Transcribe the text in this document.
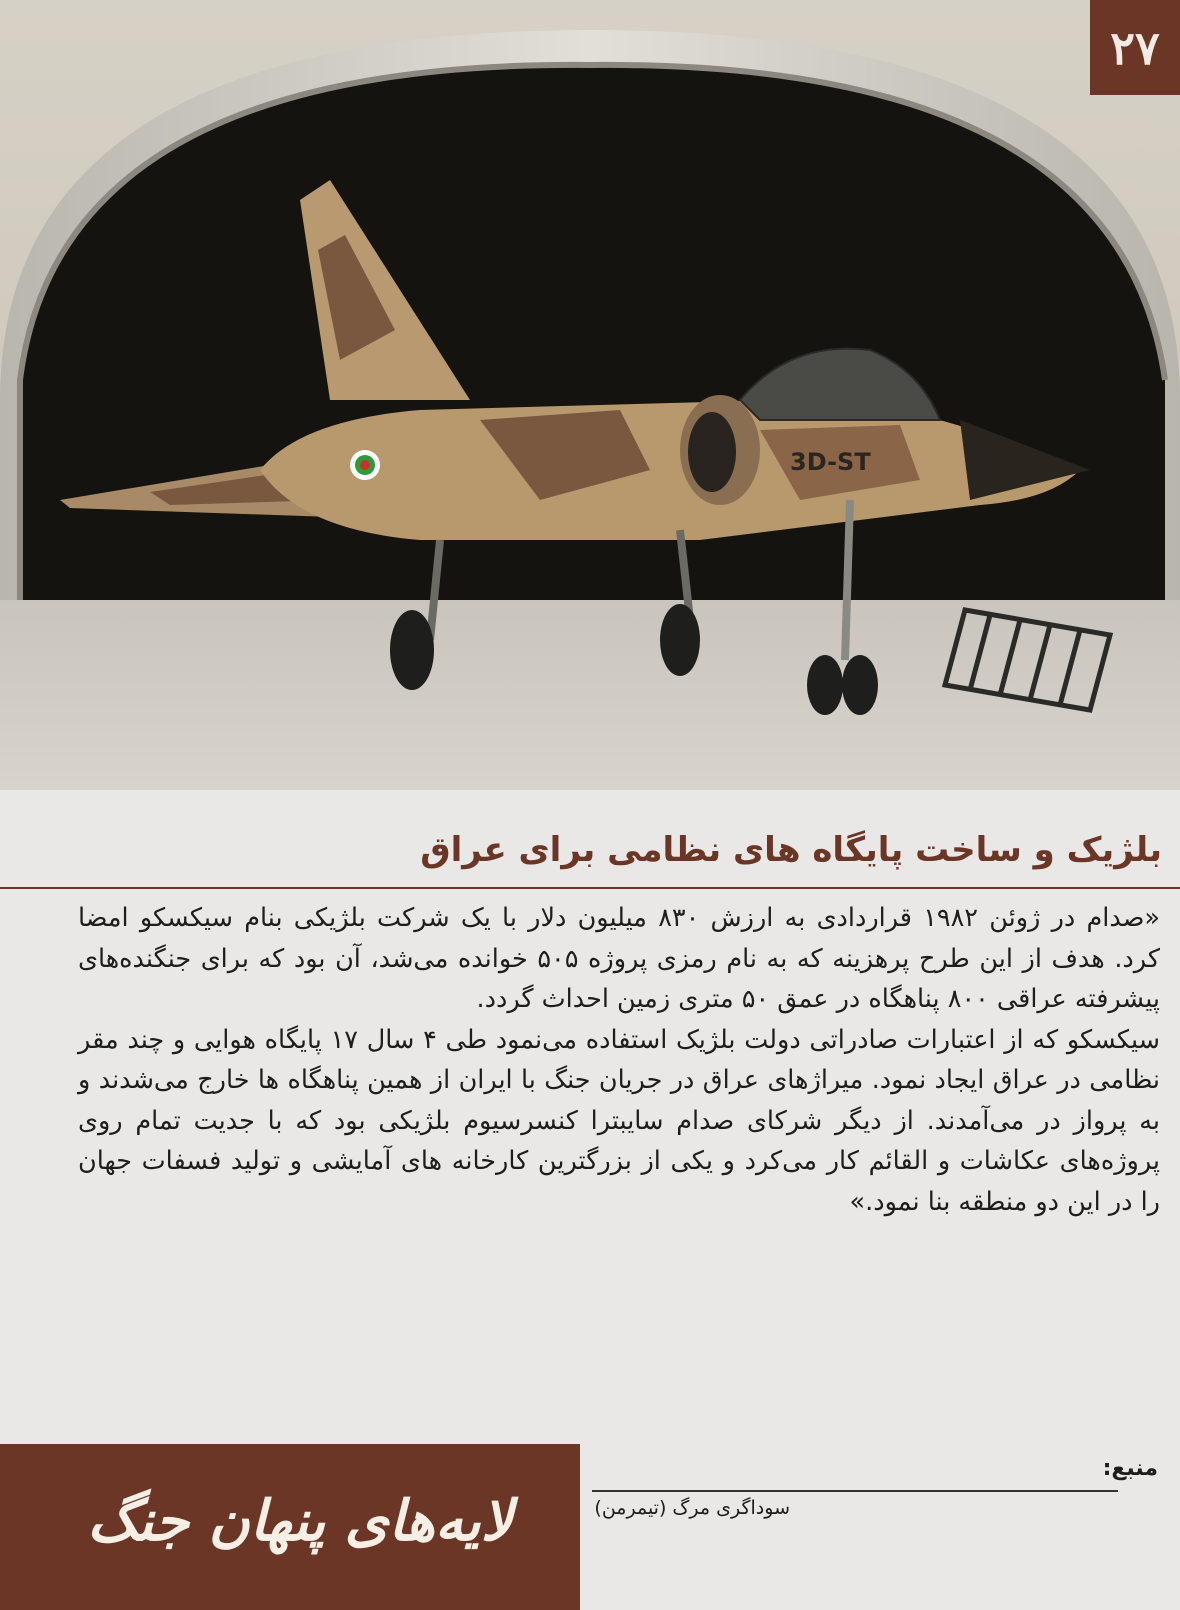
3D-ST
۲۷
بلژیک و ساخت پایگاه های نظامی برای عراق

«صدام در ژوئن ۱۹۸۲ قراردادی به ارزش ۸۳۰ میلیون دلار با یک شرکت بلژیکی بنام سیکسکو امضا کرد. هدف از این طرح پرهزینه که به نام رمزی پروژه ۵۰۵ خوانده می‌شد، آن بود که برای جنگنده‌های پیشرفته عراقی ۸۰۰ پناهگاه در عمق ۵۰ متری زمین احداث گردد.

سیکسکو که از اعتبارات صادراتی دولت بلژیک استفاده می‌نمود طی ۴ سال ۱۷ پایگاه هوایی و چند مقر نظامی در عراق ایجاد نمود. میراژهای عراق در جریان جنگ با ایران از همین پناهگاه ها خارج می‌شدند و به پرواز در می‌آمدند. از دیگر شرکای صدام سایبترا کنسرسیوم بلژیکی بود که با جدیت تمام روی پروژه‌های عکاشات و القائم کار می‌کرد و یکی از بزرگترین کارخانه های آمایشی و تولید فسفات جهان را در این دو منطقه بنا نمود.»

منبع:
سوداگری مرگ (تیمرمن)
لایه‌های پنهان جنگ
